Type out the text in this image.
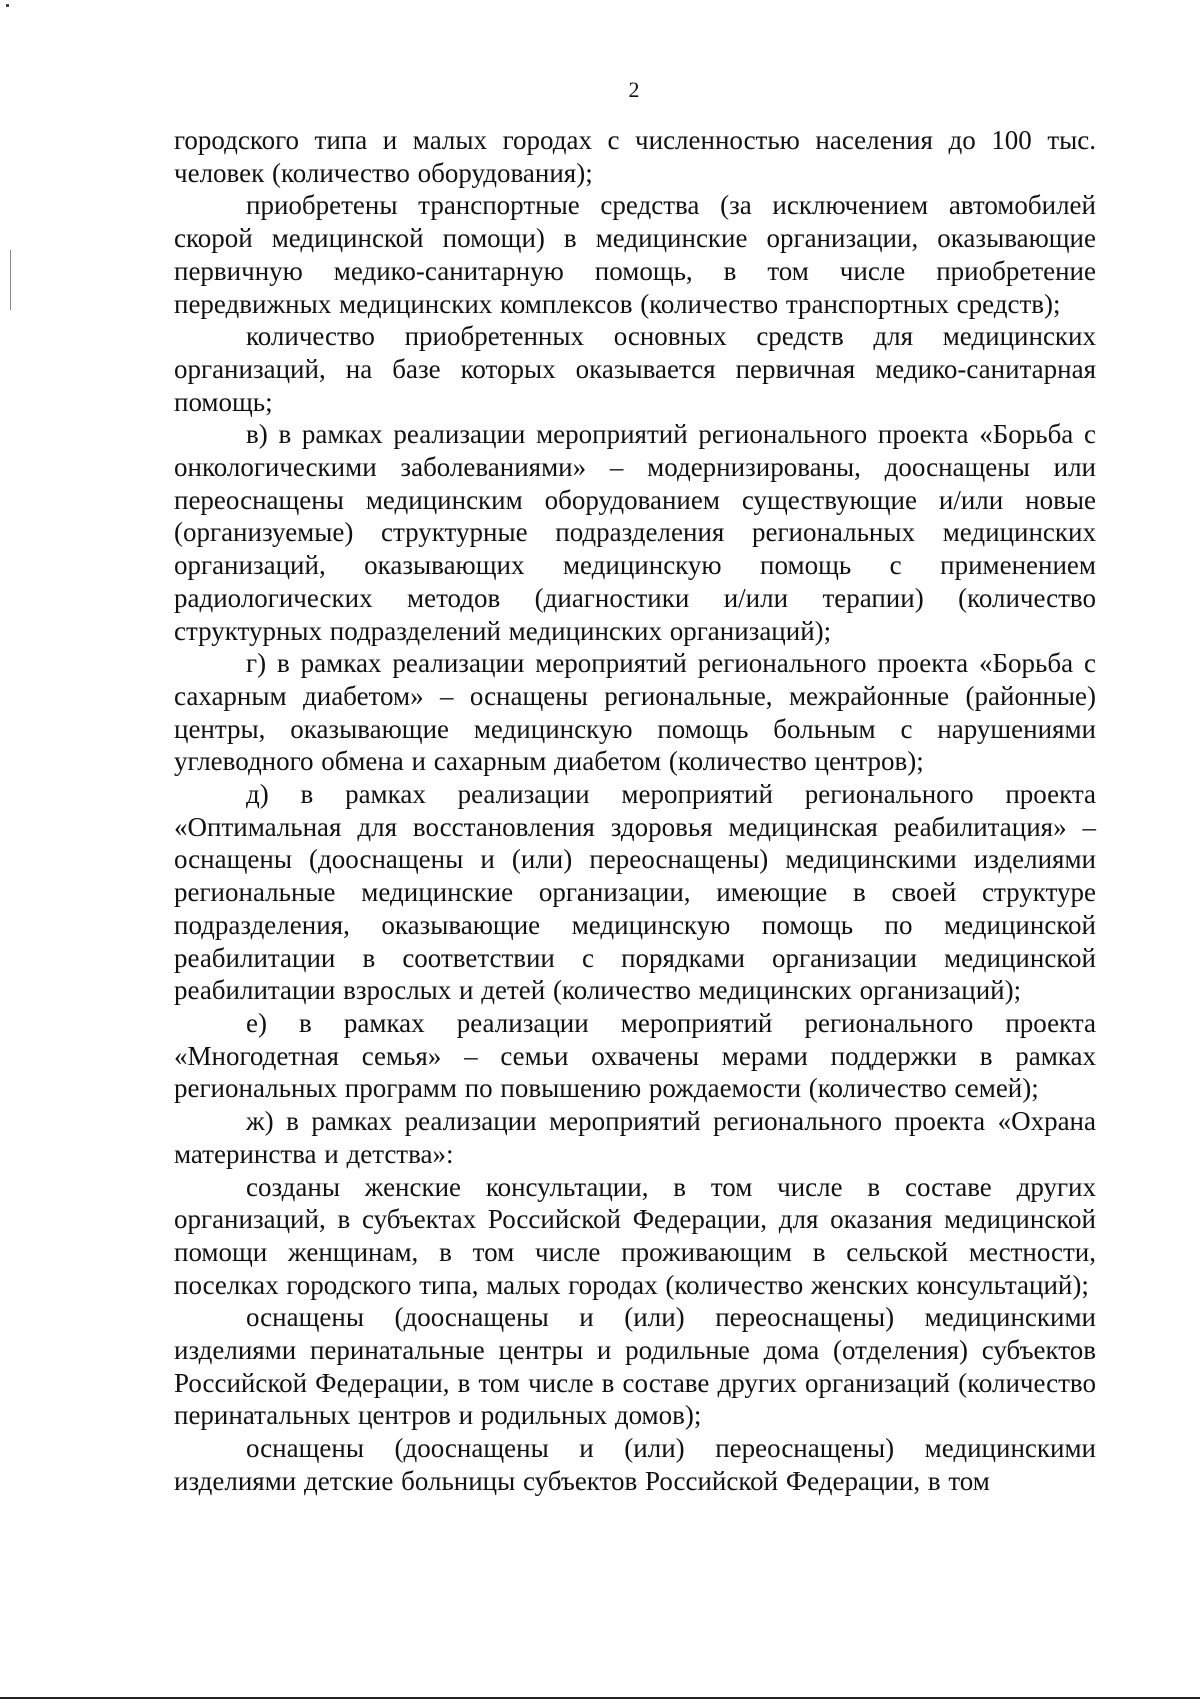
2

городского типа и малых городах с численностью населения до 100 тыс. человек (количество оборудования);

приобретены транспортные средства (за исключением автомобилей скорой медицинской помощи) в медицинские организации, оказывающие первичную медико-санитарную помощь, в том числе приобретение передвижных медицинских комплексов (количество транспортных средств);

количество приобретенных основных средств для медицинских организаций, на базе которых оказывается первичная медико-санитарная помощь;

в) в рамках реализации мероприятий регионального проекта «Борьба с онкологическими заболеваниями» – модернизированы, дооснащены или переоснащены медицинским оборудованием существующие и/или новые (организуемые) структурные подразделения региональных медицинских организаций, оказывающих медицинскую помощь с применением радиологических методов (диагностики и/или терапии) (количество структурных подразделений медицинских организаций);

г) в рамках реализации мероприятий регионального проекта «Борьба с сахарным диабетом» – оснащены региональные, межрайонные (районные) центры, оказывающие медицинскую помощь больным с нарушениями углеводного обмена и сахарным диабетом (количество центров);

д) в рамках реализации мероприятий регионального проекта «Оптимальная для восстановления здоровья медицинская реабилитация» – оснащены (дооснащены и (или) переоснащены) медицинскими изделиями региональные медицинские организации, имеющие в своей структуре подразделения, оказывающие медицинскую помощь по медицинской реабилитации в соответствии с порядками организации медицинской реабилитации взрослых и детей (количество медицинских организаций);

е) в рамках реализации мероприятий регионального проекта «Многодетная семья» – семьи охвачены мерами поддержки в рамках региональных программ по повышению рождаемости (количество семей);

ж) в рамках реализации мероприятий регионального проекта «Охрана материнства и детства»:

созданы женские консультации, в том числе в составе других организаций, в субъектах Российской Федерации, для оказания медицинской помощи женщинам, в том числе проживающим в сельской местности, поселках городского типа, малых городах (количество женских консультаций);

оснащены (дооснащены и (или) переоснащены) медицинскими изделиями перинатальные центры и родильные дома (отделения) субъектов Российской Федерации, в том числе в составе других организаций (количество перинатальных центров и родильных домов);

оснащены (дооснащены и (или) переоснащены) медицинскими изделиями детские больницы субъектов Российской Федерации, в том
